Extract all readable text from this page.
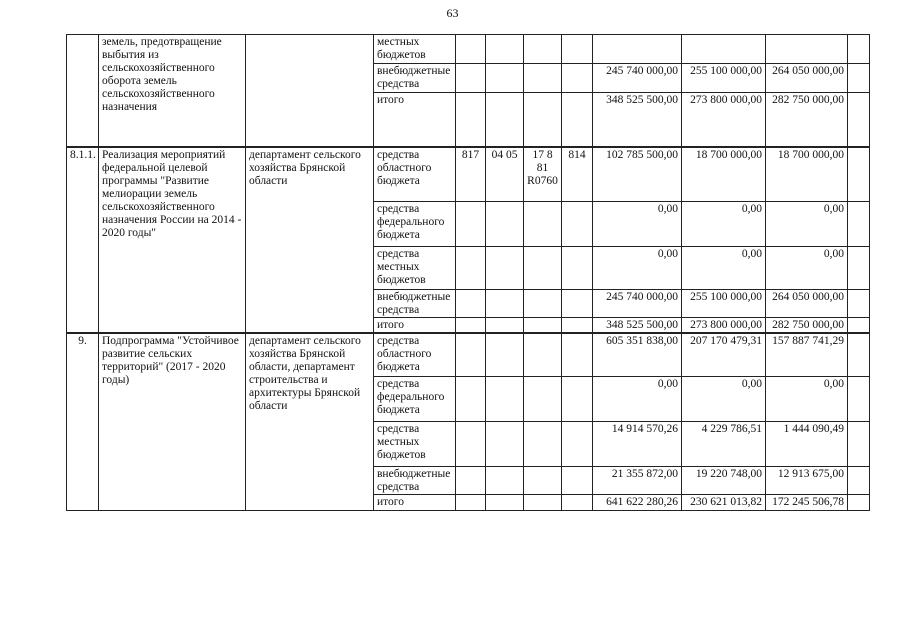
63
	земель, предотвращение выбытия из сельскохозяйственного оборота земель сельскохозяйственного назначения		местных бюджетов								
			внебюджетные средства					245 740 000,00	255 100 000,00	264 050 000,00	
			итого					348 525 500,00	273 800 000,00	282 750 000,00	
8.1.1.	Реализация мероприятий федеральной целевой программы "Развитие мелиорации земель сельскохозяйственного назначения России на 2014 - 2020 годы"	департамент сельского хозяйства Брянской области	средства областного бюджета	817	04 05	17 8 81 R0760	814	102 785 500,00	18 700 000,00	18 700 000,00	
			средства федерального бюджета					0,00	0,00	0,00	
			средства местных бюджетов					0,00	0,00	0,00	
			внебюджетные средства					245 740 000,00	255 100 000,00	264 050 000,00	
			итого					348 525 500,00	273 800 000,00	282 750 000,00	
9.	Подпрограмма "Устойчивое развитие сельских территорий" (2017 - 2020 годы)	департамент сельского хозяйства Брянской области, департамент строительства и архитектуры Брянской области	средства областного бюджета					605 351 838,00	207 170 479,31	157 887 741,29	
			средства федерального бюджета					0,00	0,00	0,00	
			средства местных бюджетов					14 914 570,26	4 229 786,51	1 444 090,49	
			внебюджетные средства					21 355 872,00	19 220 748,00	12 913 675,00	
			итого					641 622 280,26	230 621 013,82	172 245 506,78	
